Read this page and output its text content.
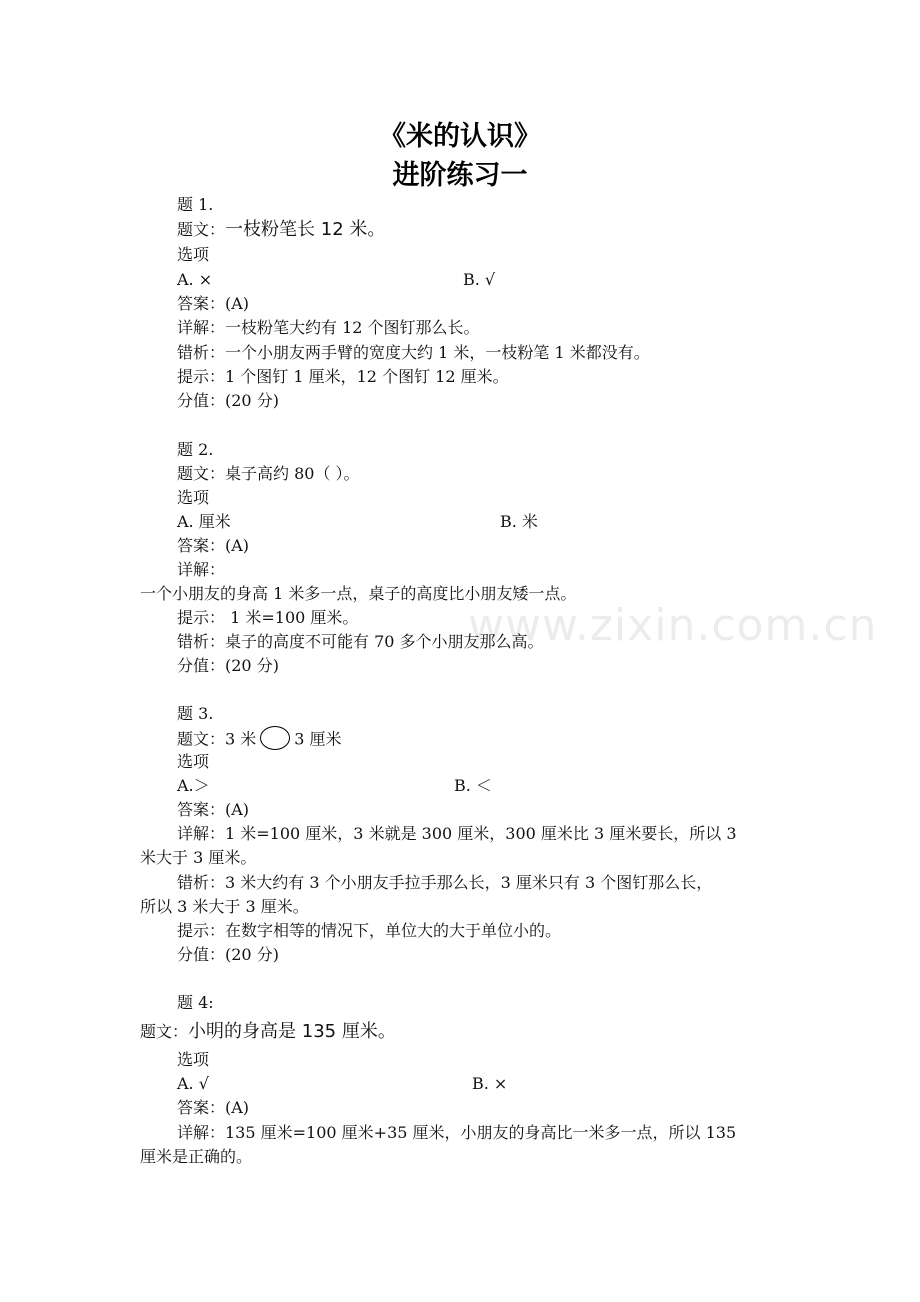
《米的认识》
进阶练习一
www.zixin.com.cn
题 1.
题文：一枝粉笔长 12 米。
选项
A. ×	B. √
答案：(A)
详解：一枝粉笔大约有 12 个图钉那么长。
错析：一个小朋友两手臂的宽度大约 1 米，一枝粉笔 1 米都没有。
提示：1 个图钉 1 厘米，12 个图钉 12 厘米。
分值：(20 分)
题 2.
题文：桌子高约 80（ ）。
选项
A. 厘米	B. 米
答案：(A)
详解：
一个小朋友的身高 1 米多一点，桌子的高度比小朋友矮一点。
提示： 1 米=100 厘米。
错析：桌子的高度不可能有 70 多个小朋友那么高。
分值：(20 分)
题 3.
题文：3 米 3 厘米
选项
A.＞	B. ＜
答案：(A)
详解：1 米=100 厘米，3 米就是 300 厘米，300 厘米比 3 厘米要长，所以 3
米大于 3 厘米。
错析：3 米大约有 3 个小朋友手拉手那么长，3 厘米只有 3 个图钉那么长，
所以 3 米大于 3 厘米。
提示：在数字相等的情况下，单位大的大于单位小的。
分值：(20 分)
题 4:
题文：小明的身高是 135 厘米。
选项
A. √	B. ×
答案：(A)
详解：135 厘米=100 厘米+35 厘米，小朋友的身高比一米多一点，所以 135
厘米是正确的。
